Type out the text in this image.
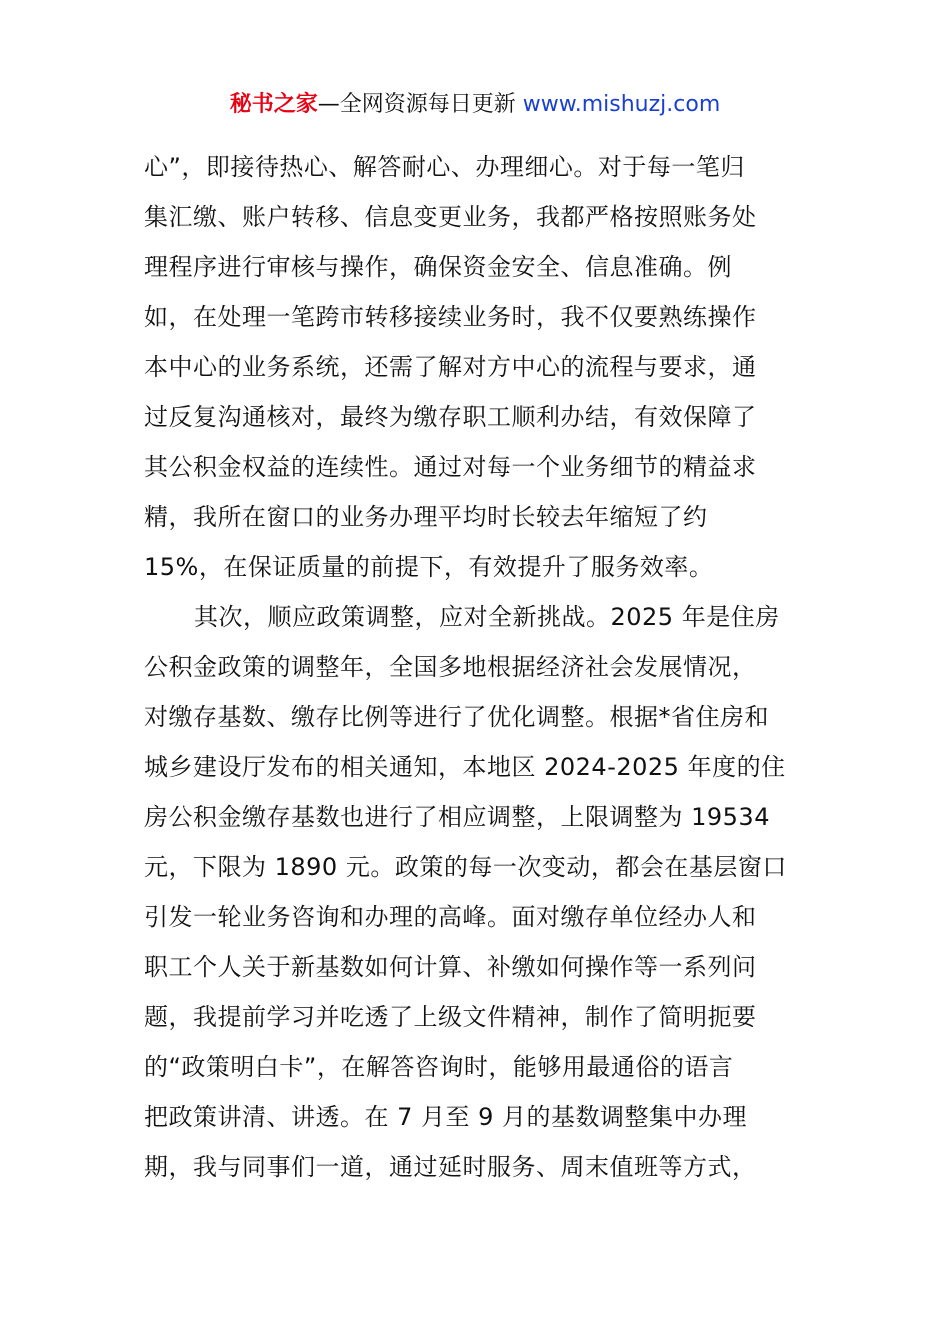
秘书之家—全网资源每日更新 www.mishuzj.com
心”，即接待热心、解答耐心、办理细心。对于每一笔归
集汇缴、账户转移、信息变更业务，我都严格按照账务处
理程序进行审核与操作，确保资金安全、信息准确。例
如，在处理一笔跨市转移接续业务时，我不仅要熟练操作
本中心的业务系统，还需了解对方中心的流程与要求，通
过反复沟通核对，最终为缴存职工顺利办结，有效保障了
其公积金权益的连续性。通过对每一个业务细节的精益求
精，我所在窗口的业务办理平均时长较去年缩短了约
15%，在保证质量的前提下，有效提升了服务效率。
其次，顺应政策调整，应对全新挑战。2025 年是住房
公积金政策的调整年，全国多地根据经济社会发展情况，
对缴存基数、缴存比例等进行了优化调整。根据*省住房和
城乡建设厅发布的相关通知，本地区 2024-2025 年度的住
房公积金缴存基数也进行了相应调整，上限调整为 19534
元，下限为 1890 元。政策的每一次变动，都会在基层窗口
引发一轮业务咨询和办理的高峰。面对缴存单位经办人和
职工个人关于新基数如何计算、补缴如何操作等一系列问
题，我提前学习并吃透了上级文件精神，制作了简明扼要
的“政策明白卡”，在解答咨询时，能够用最通俗的语言
把政策讲清、讲透。在 7 月至 9 月的基数调整集中办理
期，我与同事们一道，通过延时服务、周末值班等方式，
